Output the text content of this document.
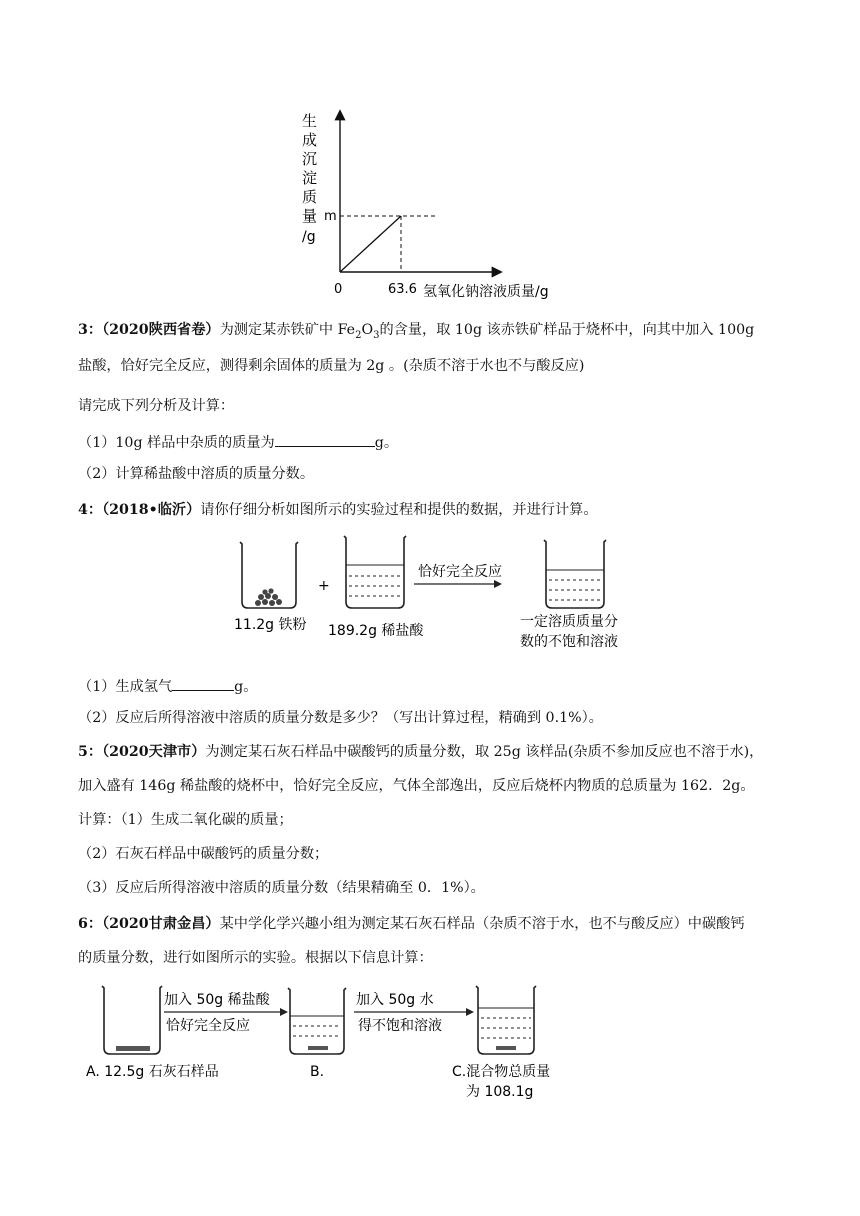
生
成
沉
淀
质
量
/g
m
0	63.6 氢氧化钠溶液质量/g
3：（2020陕西省卷）为测定某赤铁矿中 $Fe_2O_3$的含量，取 10g 该赤铁矿样品于烧杯中，向其中加入 100g
盐酸，恰好完全反应，测得剩余固体的质量为 2g 。(杂质不溶于水也不与酸反应)
请完成下列分析及计算：
（1）10g 样品中杂质的质量为	g。
（2）计算稀盐酸中溶质的质量分数。
4：（2018•临沂）请你仔细分析如图所示的实验过程和提供的数据，并进行计算。
+
恰好完全反应
11.2g 铁粉 189.2g 稀盐酸
一定溶质质量分
数的不饱和溶液
（1）生成氢气	g。
（2）反应后所得溶液中溶质的质量分数是多少？（写出计算过程，精确到 0.1%）。
5：（2020天津市）为测定某石灰石样品中碳酸钙的质量分数，取 25g 该样品(杂质不参加反应也不溶于水)，
加入盛有 146g 稀盐酸的烧杯中，恰好完全反应，气体全部逸出，反应后烧杯内物质的总质量为 162．2g。
计算：（1）生成二氧化碳的质量；
（2）石灰石样品中碳酸钙的质量分数；
（3）反应后所得溶液中溶质的质量分数（结果精确至 0．1%）。
6：（2020甘肃金昌）某中学化学兴趣小组为测定某石灰石样品（杂质不溶于水，也不与酸反应）中碳酸钙
的质量分数，进行如图所示的实验。根据以下信息计算：
加入 50g 稀盐酸
恰好完全反应
加入 50g 水
得不饱和溶液
A. 12.5g 石灰石样品	B.	C.混合物总质量
为 108.1g
